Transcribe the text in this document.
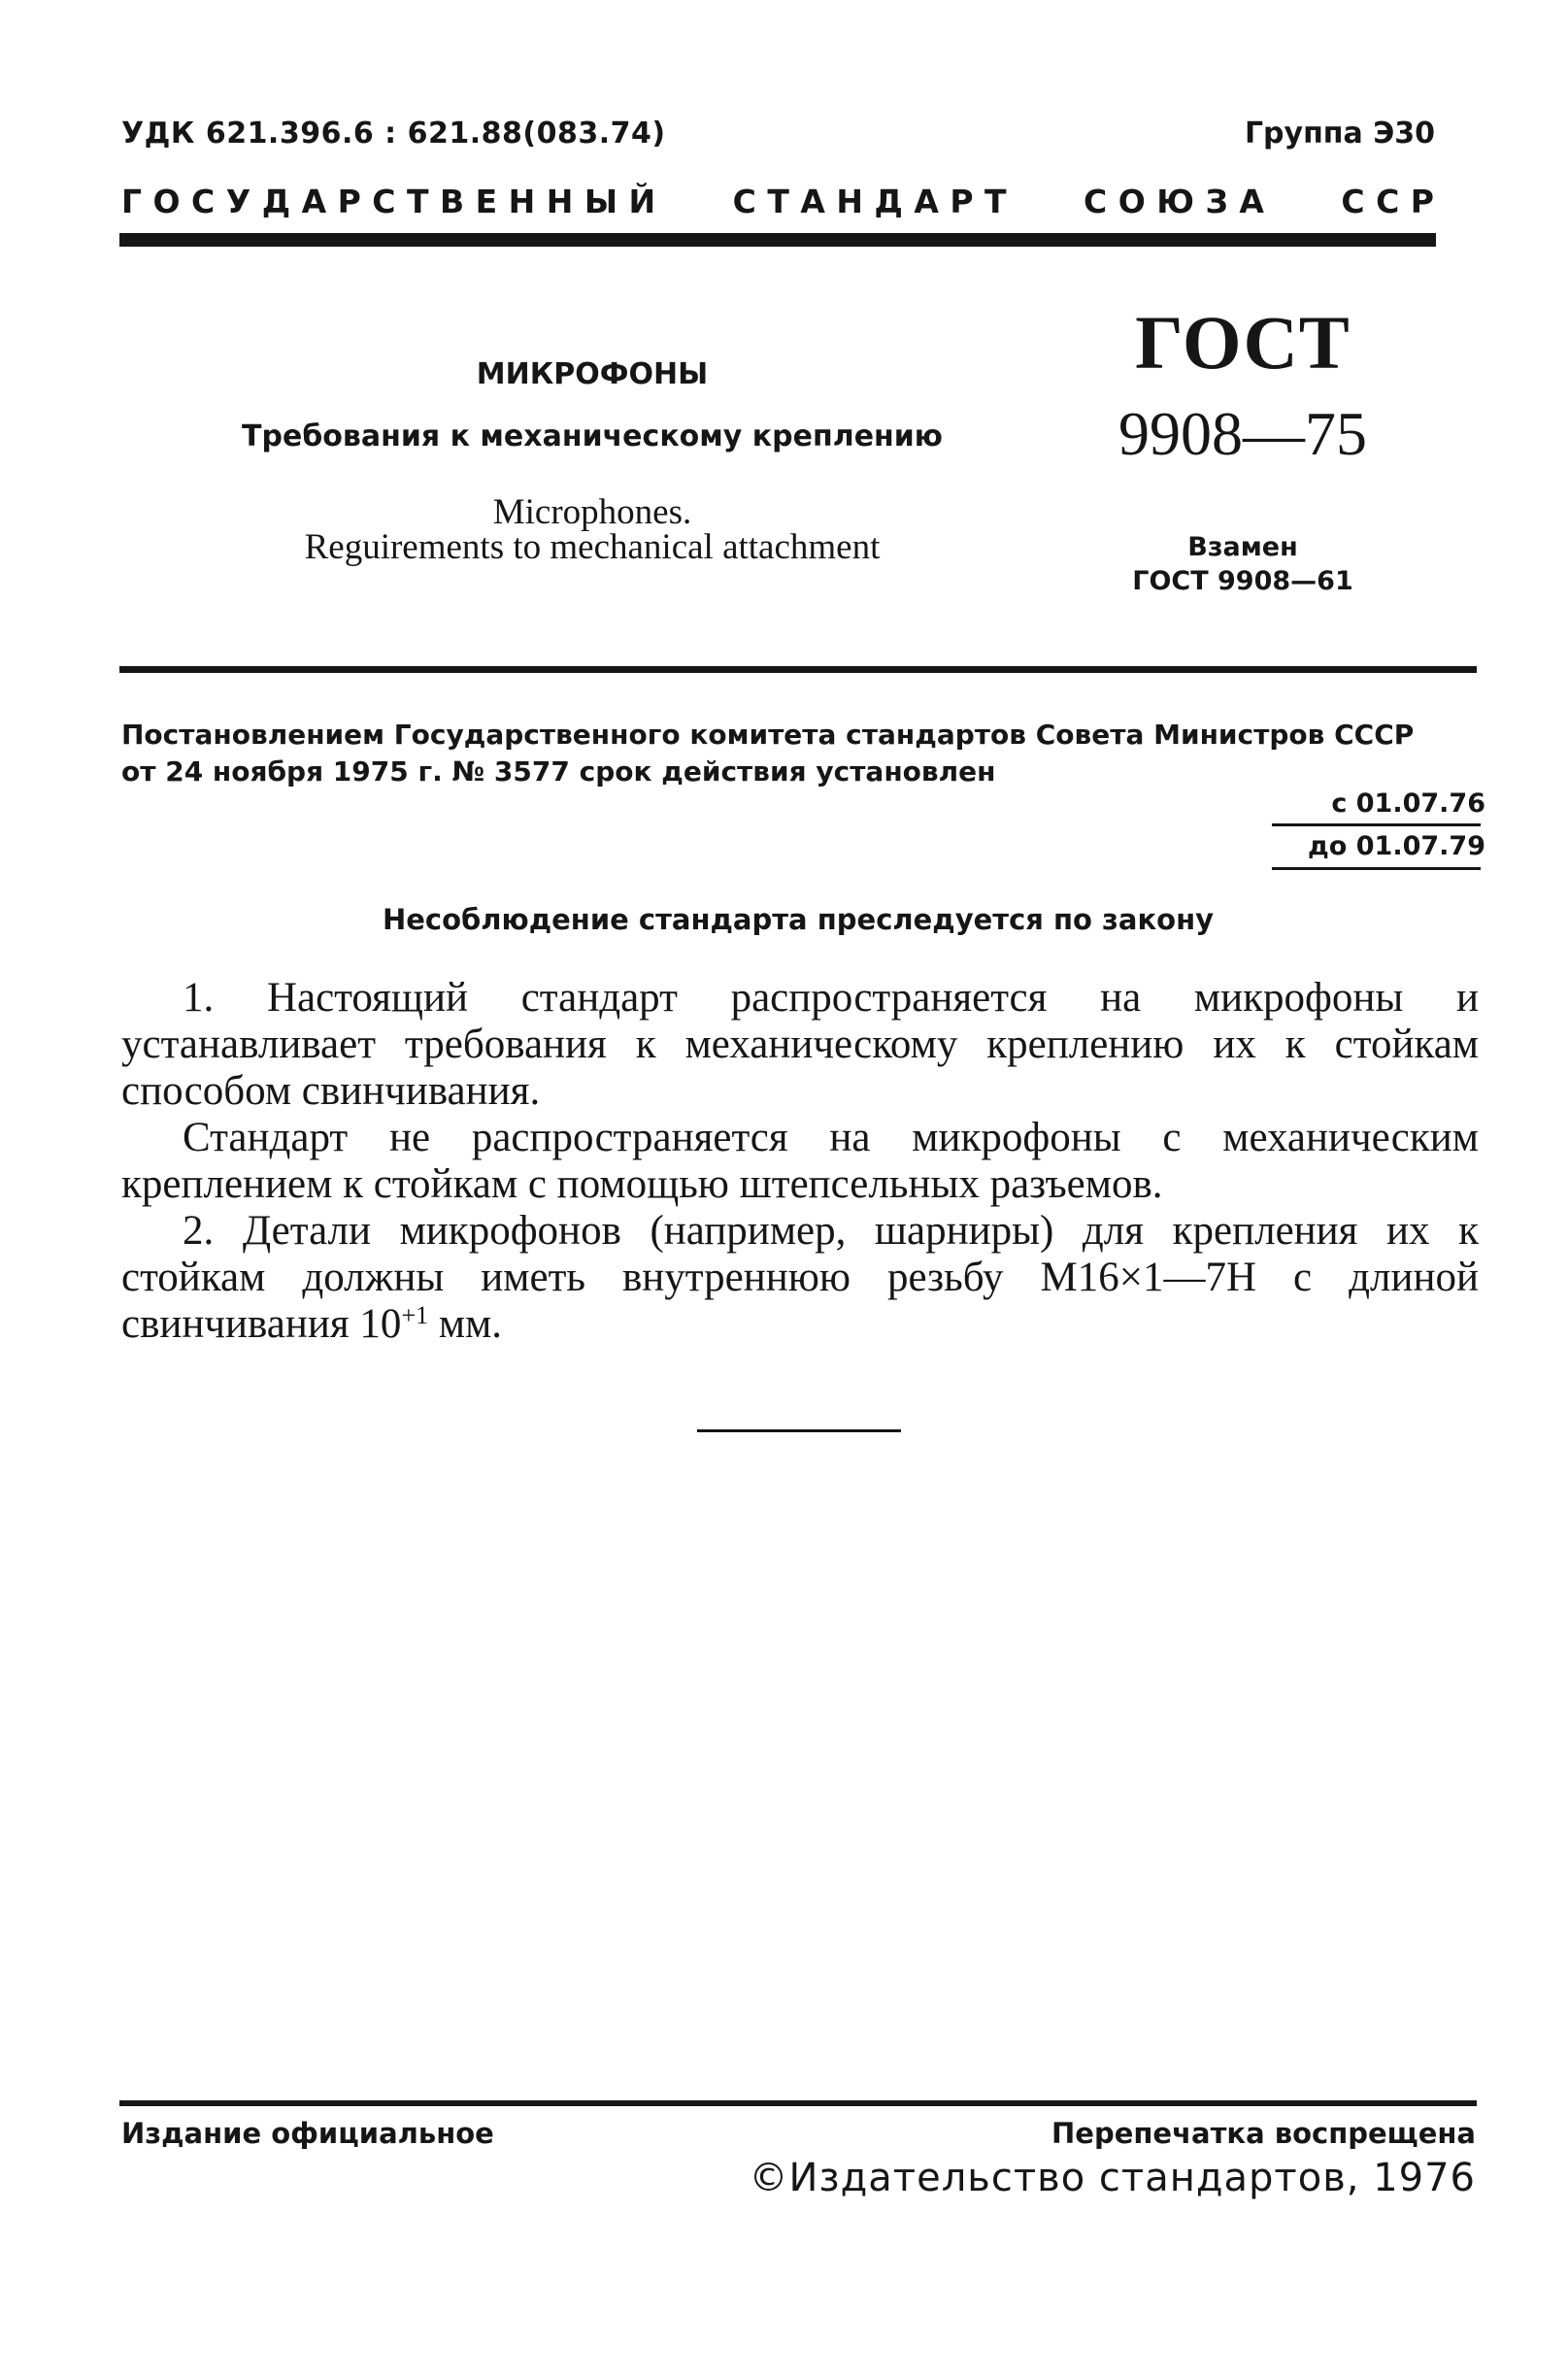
УДК 621.396.6 : 621.88(083.74)	Группа Э30
Г О С У Д А Р С Т В Е Н Н Ы Й С Т А Н Д А Р Т С О Ю З А С С Р
МИКРОФОНЫ
Требования к механическому креплению
Microphones.
Reguirements to mechanical attachment
ГОСТ
9908—75
Взамен
ГОСТ 9908—61
Постановлением Государственного комитета стандартов Совета Министров СССР
от 24 ноября 1975 г. № 3577 срок действия установлен
с 01.07.76
до 01.07.79
Несоблюдение стандарта преследуется по закону

1. Настоящий стандарт распространяется на микрофоны и устанавливает требования к механическому креплению их к стойкам способом свинчивания.

Стандарт не распространяется на микрофоны с механическим креплением к стойкам с помощью штепсельных разъемов.

2. Детали микрофонов (например, шарниры) для крепления их к стойкам должны иметь внутреннюю резьбу М16×1—7Н с длиной свинчивания $10^{+1}$ мм.

Издание официальное	Перепечатка воспрещена
©Издательство стандартов, 1976
